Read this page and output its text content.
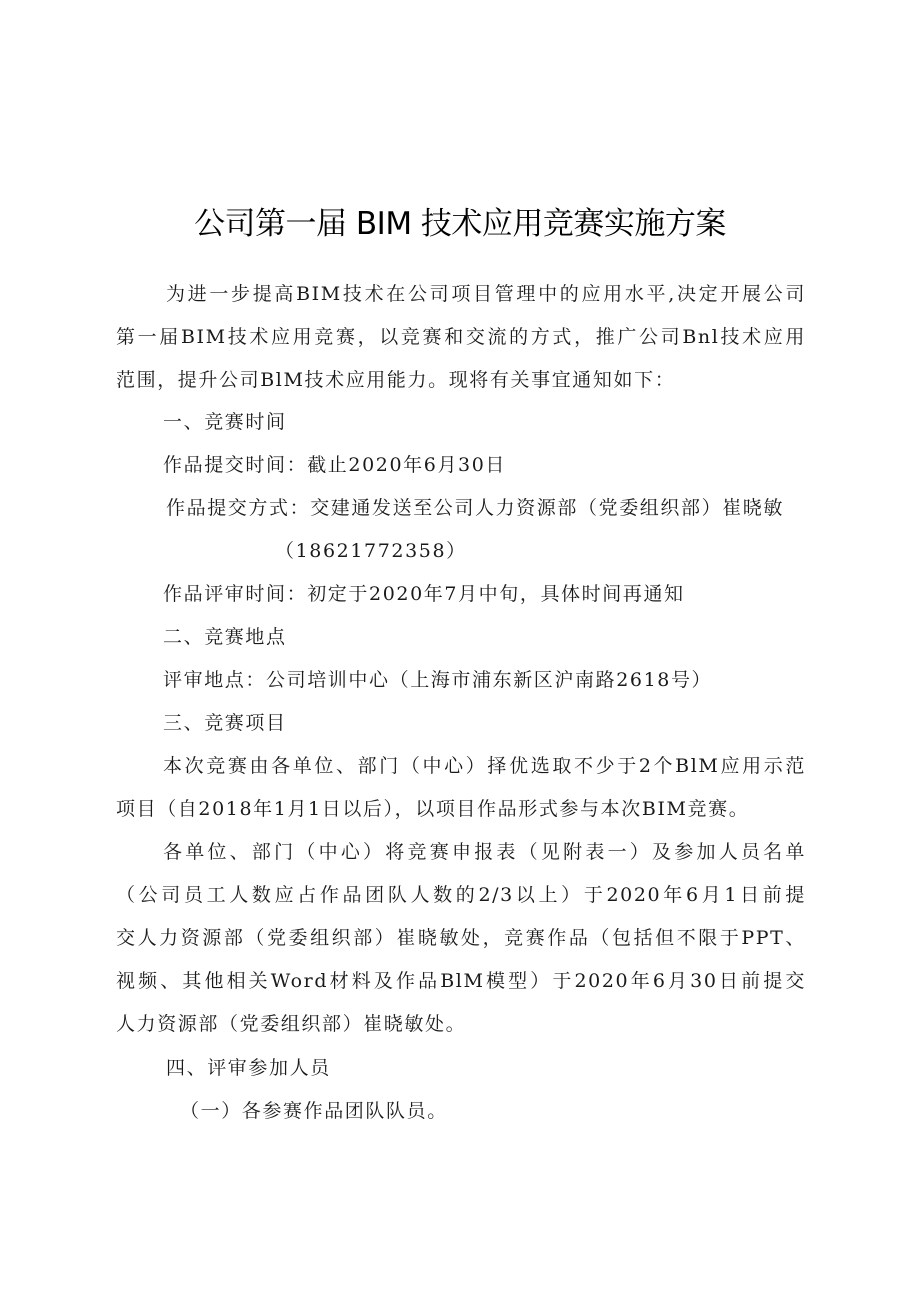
公司第一届 BIM 技术应用竞赛实施方案
为进一步提高BIM技术在公司项目管理中的应用水平,决定开展公司
第一届BIM技术应用竞赛，以竞赛和交流的方式，推广公司Bnl技术应用
范围，提升公司BlM技术应用能力。现将有关事宜通知如下：
一、竞赛时间
作品提交时间：截止2020年6月30日
作品提交方式：交建通发送至公司人力资源部（党委组织部）崔晓敏
（18621772358）
作品评审时间：初定于2020年7月中旬，具体时间再通知
二、竞赛地点
评审地点：公司培训中心（上海市浦东新区沪南路2618号）
三、竞赛项目
本次竞赛由各单位、部门（中心）择优选取不少于2个BlM应用示范
项目（自2018年1月1日以后），以项目作品形式参与本次BIM竞赛。
各单位、部门（中心）将竞赛申报表（见附表一）及参加人员名单
（公司员工人数应占作品团队人数的2/3以上）于2020年6月1日前提
交人力资源部（党委组织部）崔晓敏处，竞赛作品（包括但不限于PPT、
视频、其他相关Word材料及作品BlM模型）于2020年6月30日前提交
人力资源部（党委组织部）崔晓敏处。
四、评审参加人员
（一）各参赛作品团队队员。
